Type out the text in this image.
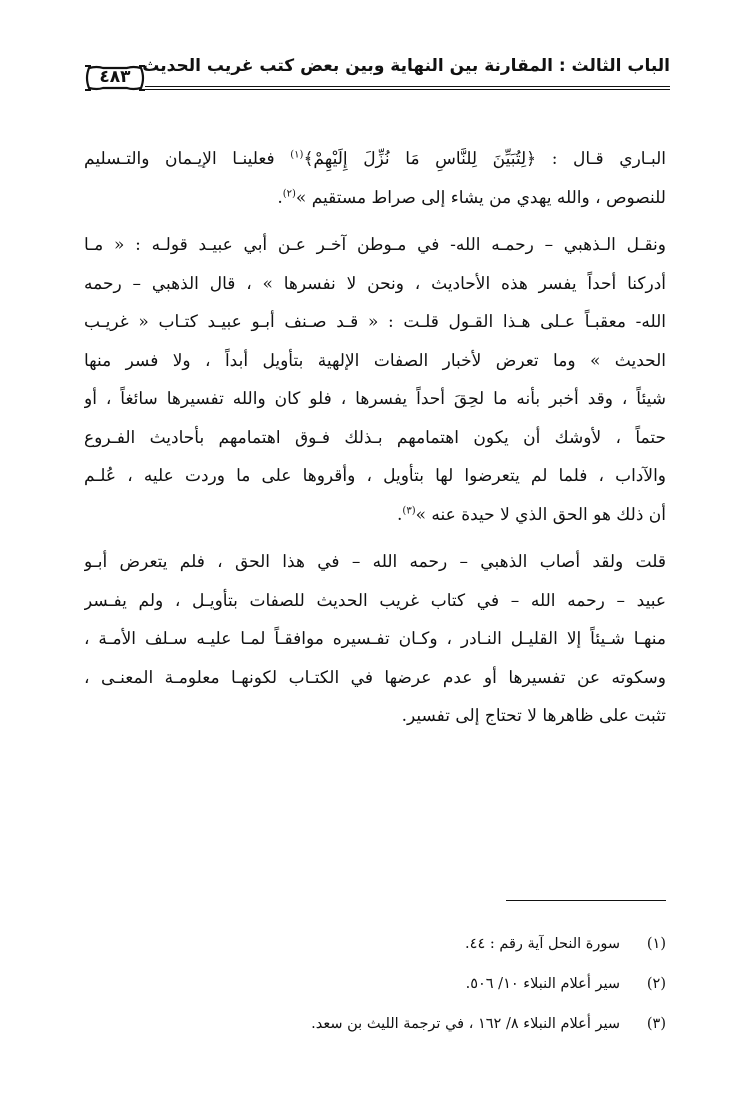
الباب الثالث : المقارنة بين النهاية وبين بعض كتب غريب الحديث
٤٨٣
البـاري قـال : ﴿لِتُبَيِّنَ لِلنَّاسِ مَا نُزِّلَ إِلَيْهِمْ﴾$^{(١)}$ فعلينـا الإيـمان والتـسليم
للنصوص ، والله يهدي من يشاء إلى صراط مستقيم »$^{(٢)}$.
ونقـل الـذهبي – رحمـه الله- في مـوطن آخـر عـن أبي عبيـد قولـه : « مـا
أدركنا أحداً يفسر هذه الأحاديث ، ونحن لا نفسرها » ، قال الذهبي – رحمه
الله- معقبـاً عـلى هـذا القـول قلـت : « قـد صـنف أبـو عبيـد كتـاب « غريـب
الحديث » وما تعرض لأخبار الصفات الإلهية بتأويل أبداً ، ولا فسر منها
شيئاً ، وقد أخبر بأنه ما لحِقَ أحداً يفسرها ، فلو كان والله تفسيرها سائغاً ، أو
حتماً ، لأوشك أن يكون اهتمامهم بـذلك فـوق اهتمامهم بأحاديث الفـروع
والآداب ، فلما لم يتعرضوا لها بتأويل ، وأقروها على ما وردت عليه ، عُلـم
أن ذلك هو الحق الذي لا حيدة عنه »$^{(٣)}$.
قلت ولقد أصاب الذهبي – رحمه الله – في هذا الحق ، فلم يتعرض أبـو
عبيد – رحمه الله – في كتاب غريب الحديث للصفات بتأويـل ، ولم يفـسر
منهـا شـيئاً إلا القليـل النـادر ، وكـان تفـسيره موافقـاً لمـا عليـه سـلف الأمـة ،
وسكوته عن تفسيرها أو عدم عرضها في الكتـاب لكونهـا معلومـة المعنـى ،
تثبت على ظاهرها لا تحتاج إلى تفسير.
(١)
سورة النحل آية رقم : ٤٤.
(٢)
سير أعلام النبلاء ١٠/ ٥٠٦.
(٣)
سير أعلام النبلاء ٨/ ١٦٢ ، في ترجمة الليث بن سعد.
